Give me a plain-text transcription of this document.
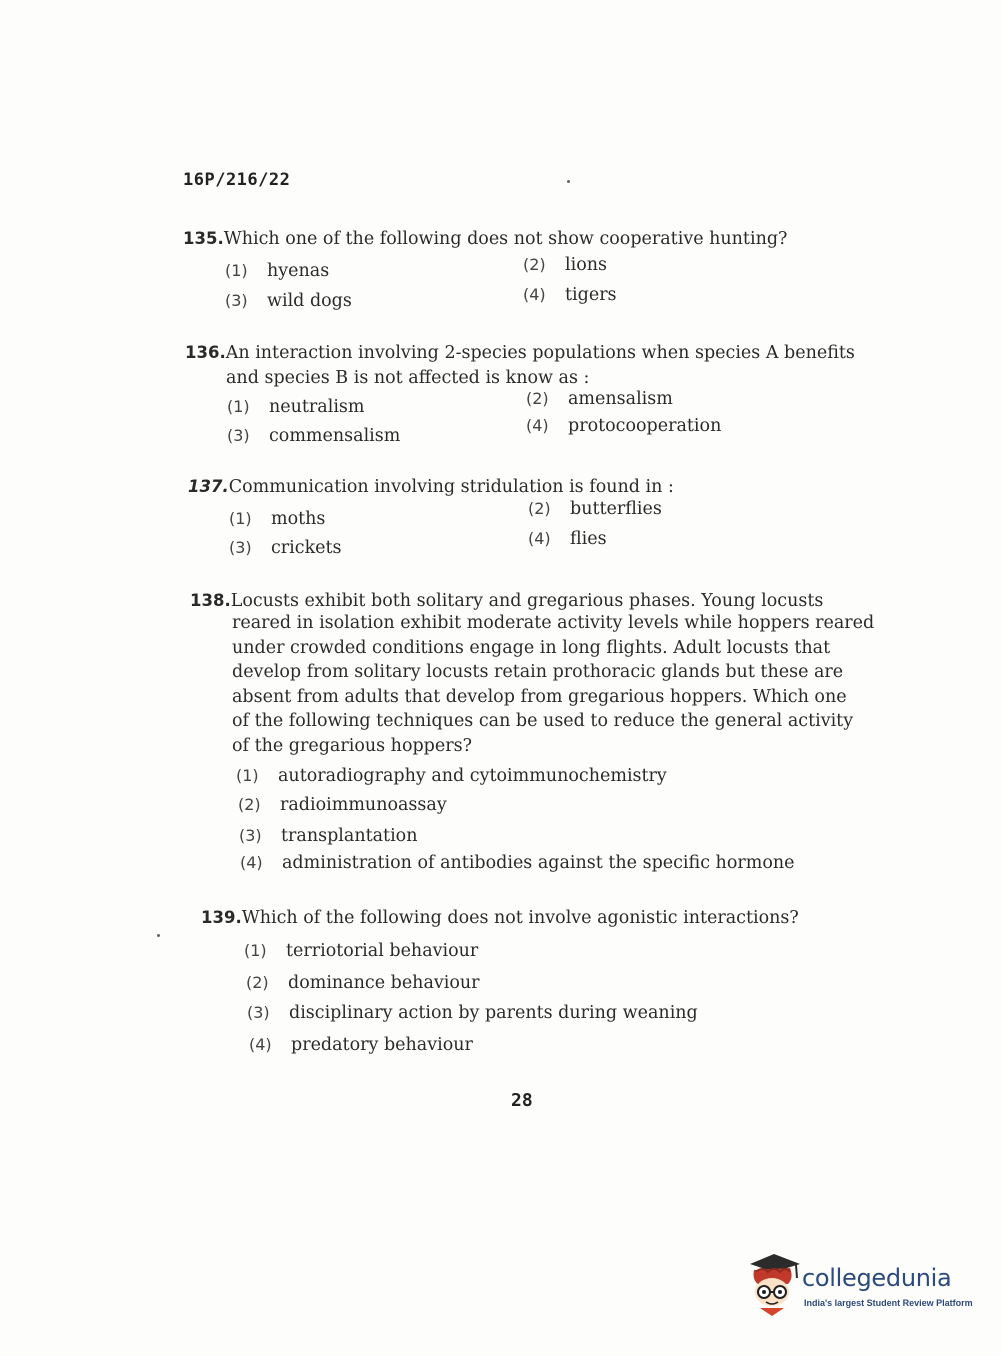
16P/216/22
135.Which one of the following does not show cooperative hunting?
(1) hyenas	(2) lions
(3) wild dogs	(4) tigers
136.An interaction involving 2-species populations when species A benefits
and species B is not affected is know as :
(1) neutralism	(2) amensalism
(3) commensalism
(4) protocooperation
137.Communication involving stridulation is found in :
(1) moths
(2) butterflies
(3) crickets	(4) flies
138.Locusts exhibit both solitary and gregarious phases. Young locusts
reared in isolation exhibit moderate activity levels while hoppers reared
under crowded conditions engage in long flights. Adult locusts that
develop from solitary locusts retain prothoracic glands but these are
absent from adults that develop from gregarious hoppers. Which one
of the following techniques can be used to reduce the general activity
of the gregarious hoppers?
(1) autoradiography and cytoimmunochemistry
(2) radioimmunoassay
(3) transplantation
(4) administration of antibodies against the specific hormone
139.Which of the following does not involve agonistic interactions?
(1) terriotorial behaviour
(2) dominance behaviour
(3) disciplinary action by parents during weaning
(4) predatory behaviour
28
collegedunia
India's largest Student Review Platform
